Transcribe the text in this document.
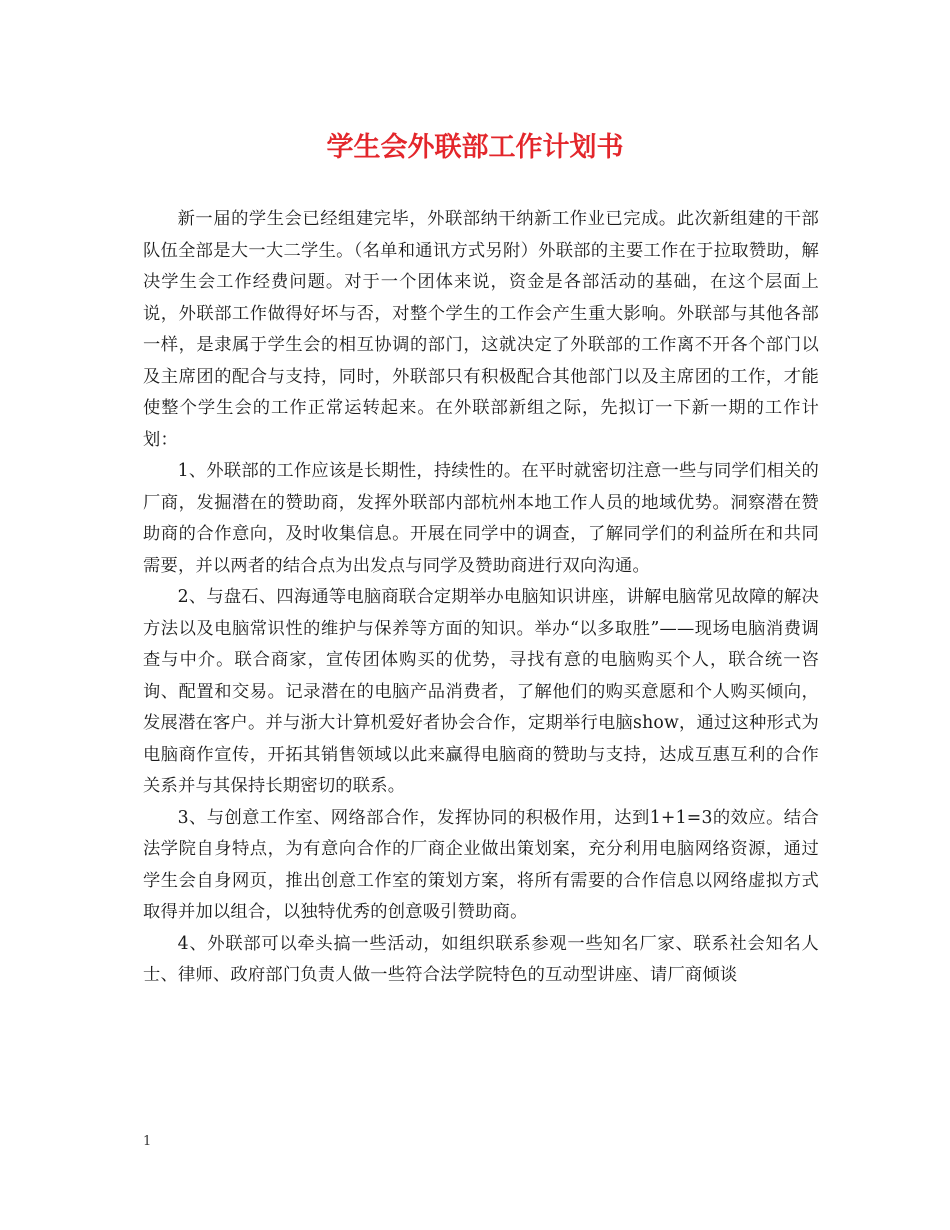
学生会外联部工作计划书

新一届的学生会已经组建完毕，外联部纳干纳新工作业已完成。此次新组建的干部队伍全部是大一大二学生。（名单和通讯方式另附）外联部的主要工作在于拉取赞助，解决学生会工作经费问题。对于一个团体来说，资金是各部活动的基础，在这个层面上说，外联部工作做得好坏与否，对整个学生的工作会产生重大影响。外联部与其他各部一样，是隶属于学生会的相互协调的部门，这就决定了外联部的工作离不开各个部门以及主席团的配合与支持，同时，外联部只有积极配合其他部门以及主席团的工作，才能使整个学生会的工作正常运转起来。在外联部新组之际，先拟订一下新一期的工作计划：

1、外联部的工作应该是长期性，持续性的。在平时就密切注意一些与同学们相关的厂商，发掘潜在的赞助商，发挥外联部内部杭州本地工作人员的地域优势。洞察潜在赞助商的合作意向，及时收集信息。开展在同学中的调查，了解同学们的利益所在和共同需要，并以两者的结合点为出发点与同学及赞助商进行双向沟通。

2、与盘石、四海通等电脑商联合定期举办电脑知识讲座，讲解电脑常见故障的解决方法以及电脑常识性的维护与保养等方面的知识。举办“以多取胜”——现场电脑消费调查与中介。联合商家，宣传团体购买的优势，寻找有意的电脑购买个人，联合统一咨询、配置和交易。记录潜在的电脑产品消费者，了解他们的购买意愿和个人购买倾向，发展潜在客户。并与浙大计算机爱好者协会合作，定期举行电脑show，通过这种形式为电脑商作宣传，开拓其销售领域以此来赢得电脑商的赞助与支持，达成互惠互利的合作关系并与其保持长期密切的联系。

3、与创意工作室、网络部合作，发挥协同的积极作用，达到1+1=3的效应。结合法学院自身特点，为有意向合作的厂商企业做出策划案，充分利用电脑网络资源，通过学生会自身网页，推出创意工作室的策划方案，将所有需要的合作信息以网络虚拟方式取得并加以组合，以独特优秀的创意吸引赞助商。

4、外联部可以牵头搞一些活动，如组织联系参观一些知名厂家、联系社会知名人士、律师、政府部门负责人做一些符合法学院特色的互动型讲座、请厂商倾谈

1
